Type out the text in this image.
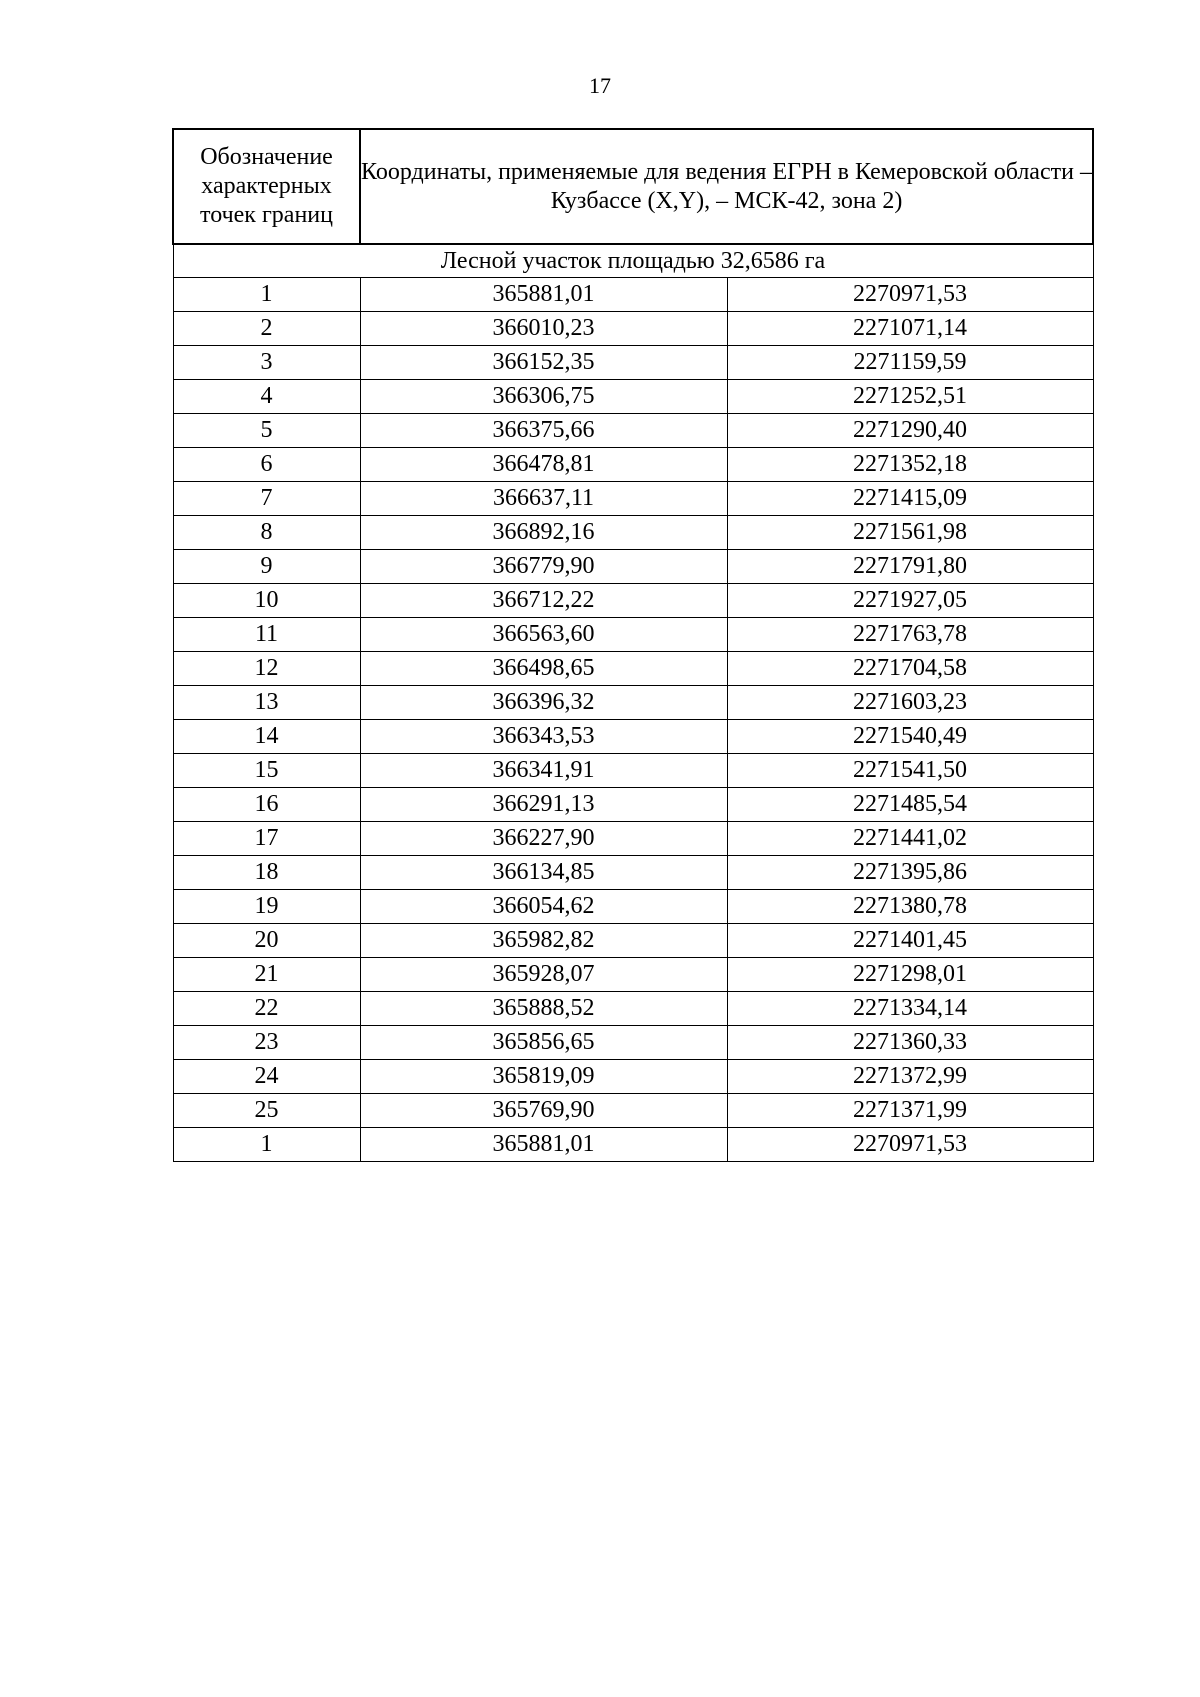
17
Обозначение характерных точек границ	Координаты, применяемые для ведения ЕГРН в Кемеровской области – Кузбассе (X,Y), – МСК-42, зона 2)	
Лесной участок площадью 32,6586 га		
1	365881,01	2270971,53
2	366010,23	2271071,14
3	366152,35	2271159,59
4	366306,75	2271252,51
5	366375,66	2271290,40
6	366478,81	2271352,18
7	366637,11	2271415,09
8	366892,16	2271561,98
9	366779,90	2271791,80
10	366712,22	2271927,05
11	366563,60	2271763,78
12	366498,65	2271704,58
13	366396,32	2271603,23
14	366343,53	2271540,49
15	366341,91	2271541,50
16	366291,13	2271485,54
17	366227,90	2271441,02
18	366134,85	2271395,86
19	366054,62	2271380,78
20	365982,82	2271401,45
21	365928,07	2271298,01
22	365888,52	2271334,14
23	365856,65	2271360,33
24	365819,09	2271372,99
25	365769,90	2271371,99
1	365881,01	2270971,53
